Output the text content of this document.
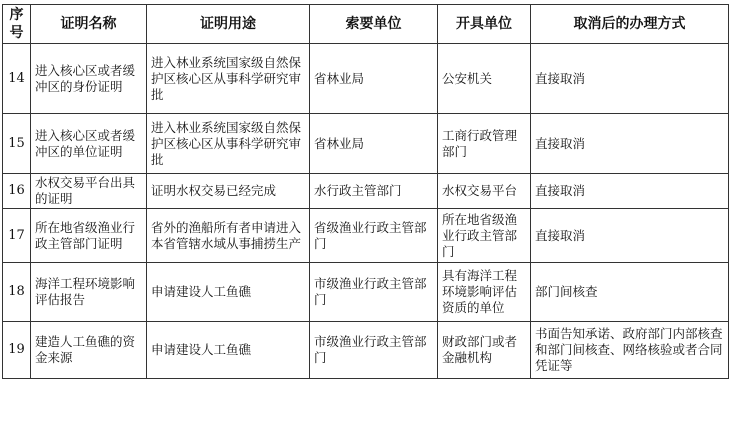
序号	证明名称	证明用途	索要单位	开具单位	取消后的办理方式
14	进入核心区或者缓冲区的身份证明	进入林业系统国家级自然保护区核心区从事科学研究审批	省林业局	公安机关	直接取消
15	进入核心区或者缓冲区的单位证明	进入林业系统国家级自然保护区核心区从事科学研究审批	省林业局	工商行政管理部门	直接取消
16	水权交易平台出具的证明	证明水权交易已经完成	水行政主管部门	水权交易平台	直接取消
17	所在地省级渔业行政主管部门证明	省外的渔船所有者申请进入本省管辖水域从事捕捞生产	省级渔业行政主管部门	所在地省级渔业行政主管部门	直接取消
18	海洋工程环境影响评估报告	申请建设人工鱼礁	市级渔业行政主管部门	具有海洋工程环境影响评估资质的单位	部门间核查
19	建造人工鱼礁的资金来源	申请建设人工鱼礁	市级渔业行政主管部门	财政部门或者金融机构	书面告知承诺、政府部门内部核查和部门间核查、网络核验或者合同凭证等
